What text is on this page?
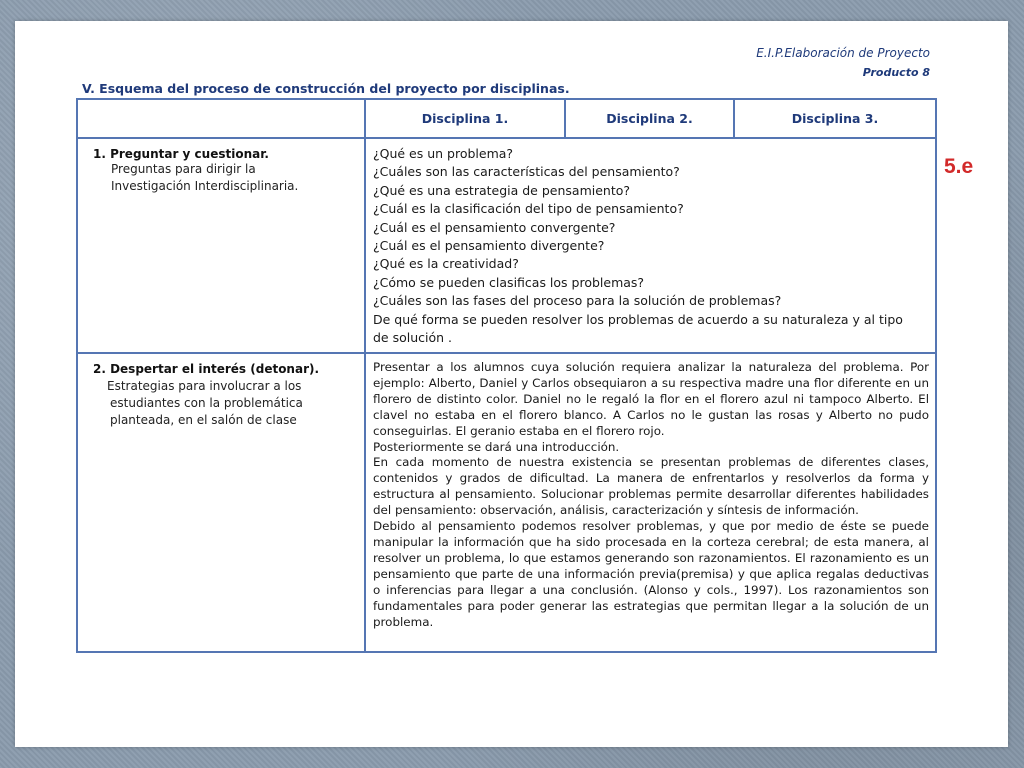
E.I.P.Elaboración de Proyecto
Producto 8
V. Esquema del proceso de construcción del proyecto por disciplinas.
5.e
Disciplina 1.	Disciplina 2.	Disciplina 3.
1. Preguntar y cuestionar.
Preguntas para dirigir la
Investigación Interdisciplinaria.
¿Qué es un problema?
¿Cuáles son las características del pensamiento?
¿Qué es una estrategia de pensamiento?
¿Cuál es la clasificación del tipo de pensamiento?
¿Cuál es el pensamiento convergente?
¿Cuál es el pensamiento divergente?
¿Qué es la creatividad?
¿Cómo se pueden clasificas los problemas?
¿Cuáles son las fases del proceso para la solución de problemas?
De qué forma se pueden resolver los problemas de acuerdo a su naturaleza y al tipo de solución .
2. Despertar el interés (detonar).
Estrategias para involucrar a los
estudiantes con la problemática
planteada, en el salón de clase

Presentar a los alumnos cuya solución requiera analizar la naturaleza del problema. Por ejemplo: Alberto, Daniel y Carlos obsequiaron a su respectiva madre una flor diferente en un florero de distinto color. Daniel no le regaló la flor en el florero azul ni tampoco Alberto. El clavel no estaba en el florero blanco. A Carlos no le gustan las rosas y Alberto no pudo conseguirlas. El geranio estaba en el florero rojo.

Posteriormente se dará una introducción.

En cada momento de nuestra existencia se presentan problemas de diferentes clases, contenidos y grados de dificultad. La manera de enfrentarlos y resolverlos da forma y estructura al pensamiento. Solucionar problemas permite desarrollar diferentes habilidades del pensamiento: observación, análisis, caracterización y síntesis de información.

Debido al pensamiento podemos resolver problemas, y que por medio de éste se puede manipular la información que ha sido procesada en la corteza cerebral; de esta manera, al resolver un problema, lo que estamos generando son razonamientos. El razonamiento es un pensamiento que parte de una información previa(premisa) y que aplica regalas deductivas o inferencias para llegar a una conclusión. (Alonso y cols., 1997). Los razonamientos son fundamentales para poder generar las estrategias que permitan llegar a la solución de un problema.
